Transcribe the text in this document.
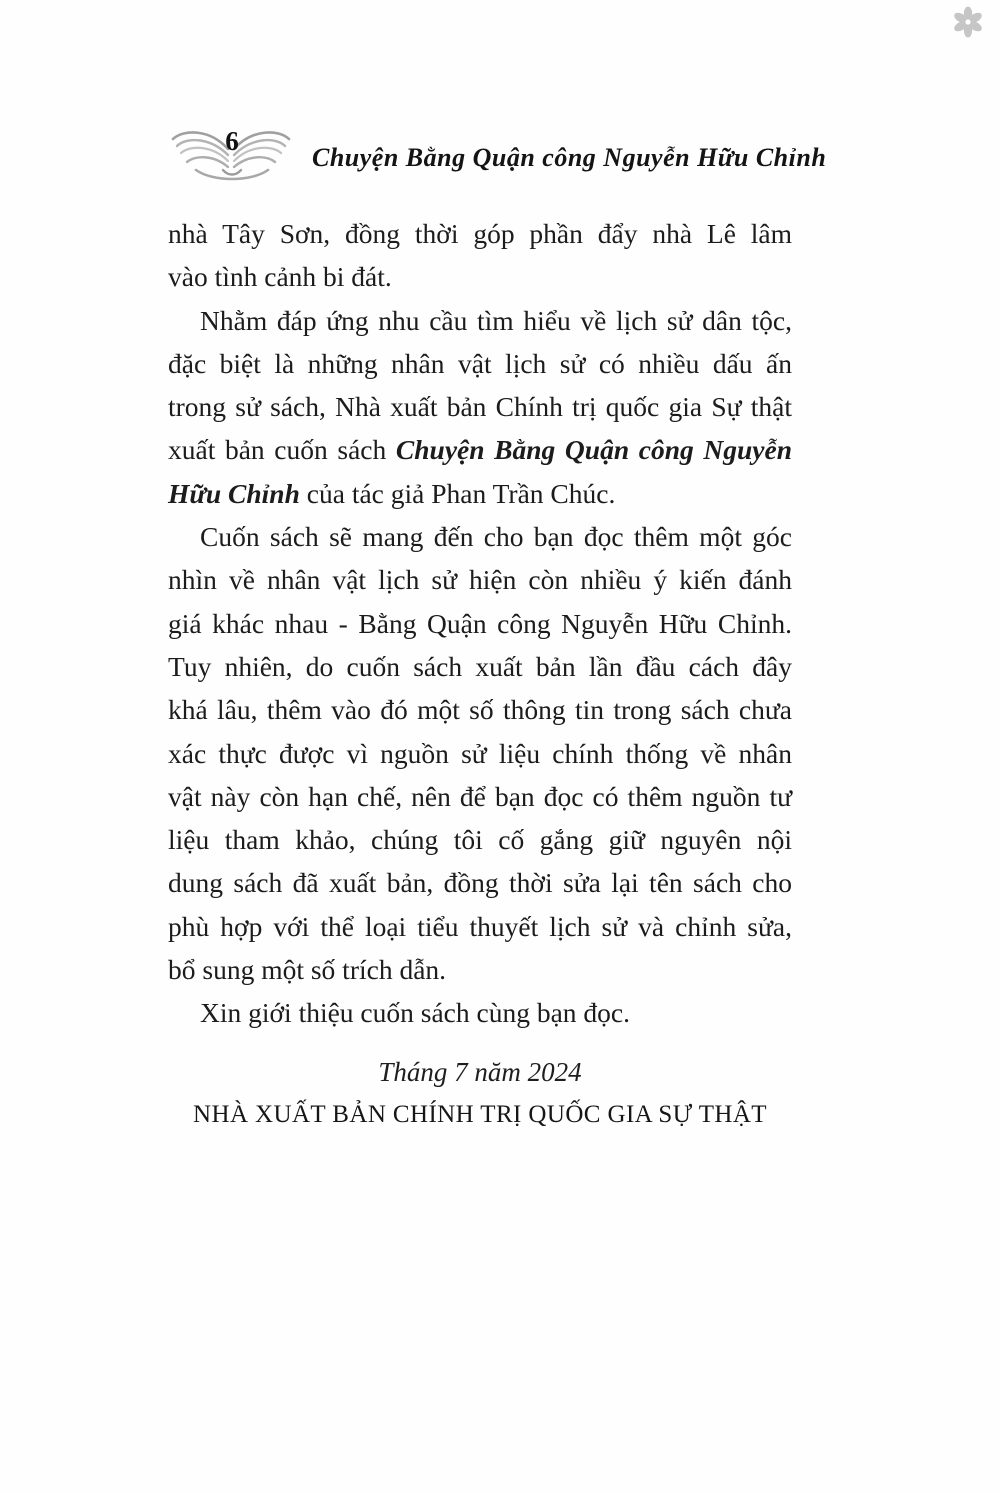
6
Chuyện Bằng Quận công Nguyễn Hữu Chỉnh
nhà Tây Sơn, đồng thời góp phần đẩy nhà Lê lâm
vào tình cảnh bi đát.
Nhằm đáp ứng nhu cầu tìm hiểu về lịch sử dân tộc,
đặc biệt là những nhân vật lịch sử có nhiều dấu ấn
trong sử sách, Nhà xuất bản Chính trị quốc gia Sự thật
xuất bản cuốn sách Chuyện Bằng Quận công Nguyễn
Hữu Chỉnh của tác giả Phan Trần Chúc.
Cuốn sách sẽ mang đến cho bạn đọc thêm một góc
nhìn về nhân vật lịch sử hiện còn nhiều ý kiến đánh
giá khác nhau - Bằng Quận công Nguyễn Hữu Chỉnh.
Tuy nhiên, do cuốn sách xuất bản lần đầu cách đây
khá lâu, thêm vào đó một số thông tin trong sách chưa
xác thực được vì nguồn sử liệu chính thống về nhân
vật này còn hạn chế, nên để bạn đọc có thêm nguồn tư
liệu tham khảo, chúng tôi cố gắng giữ nguyên nội
dung sách đã xuất bản, đồng thời sửa lại tên sách cho
phù hợp với thể loại tiểu thuyết lịch sử và chỉnh sửa,
bổ sung một số trích dẫn.
Xin giới thiệu cuốn sách cùng bạn đọc.
Tháng 7 năm 2024
NHÀ XUẤT BẢN CHÍNH TRỊ QUỐC GIA SỰ THẬT
